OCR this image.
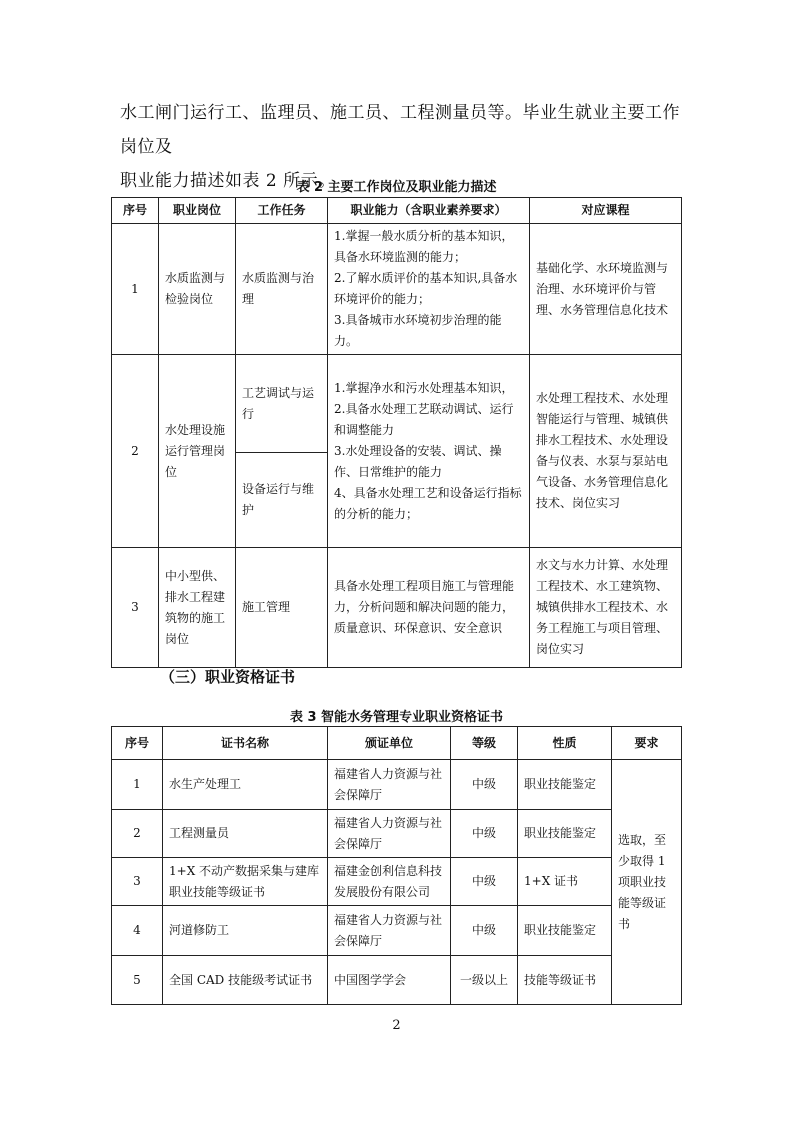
水工闸门运行工、监理员、施工员、工程测量员等。毕业生就业主要工作岗位及
职业能力描述如表 2 所示。
表 2 主要工作岗位及职业能力描述
序号	职业岗位	工作任务	职业能力（含职业素养要求）	对应课程
1	水质监测与检验岗位	水质监测与治理	1.掌握一般水质分析的基本知识，具备水环境监测的能力；
2.了解水质评价的基本知识,具备水环境评价的能力；
3.具备城市水环境初步治理的能力。	基础化学、水环境监测与治理、水环境评价与管理、水务管理信息化技术
2	水处理设施运行管理岗位	工艺调试与运行	1.掌握净水和污水处理基本知识，
2.具备水处理工艺联动调试、运行和调整能力
3.水处理设备的安装、调试、操作、日常维护的能力
4、具备水处理工艺和设备运行指标的分析的能力；	水处理工程技术、水处理智能运行与管理、城镇供排水工程技术、水处理设备与仪表、水泵与泵站电气设备、水务管理信息化技术、岗位实习
		设备运行与维护		
3	中小型供、排水工程建筑物的施工岗位	施工管理	具备水处理工程项目施工与管理能力，分析问题和解决问题的能力，质量意识、环保意识、安全意识	水文与水力计算、水处理工程技术、水工建筑物、城镇供排水工程技术、水务工程施工与项目管理、岗位实习
（三）职业资格证书
表 3 智能水务管理专业职业资格证书
序号	证书名称	颁证单位	等级	性质	要求
1	水生产处理工	福建省人力资源与社会保障厅	中级	职业技能鉴定	选取，至少取得 1 项职业技能等级证书
2	工程测量员	福建省人力资源与社会保障厅	中级	职业技能鉴定	
3	1+X 不动产数据采集与建库职业技能等级证书	福建金创利信息科技发展股份有限公司	中级	1+X 证书	
4	河道修防工	福建省人力资源与社会保障厅	中级	职业技能鉴定	
5	全国 CAD 技能级考试证书	中国图学学会	一级以上	技能等级证书	
2
